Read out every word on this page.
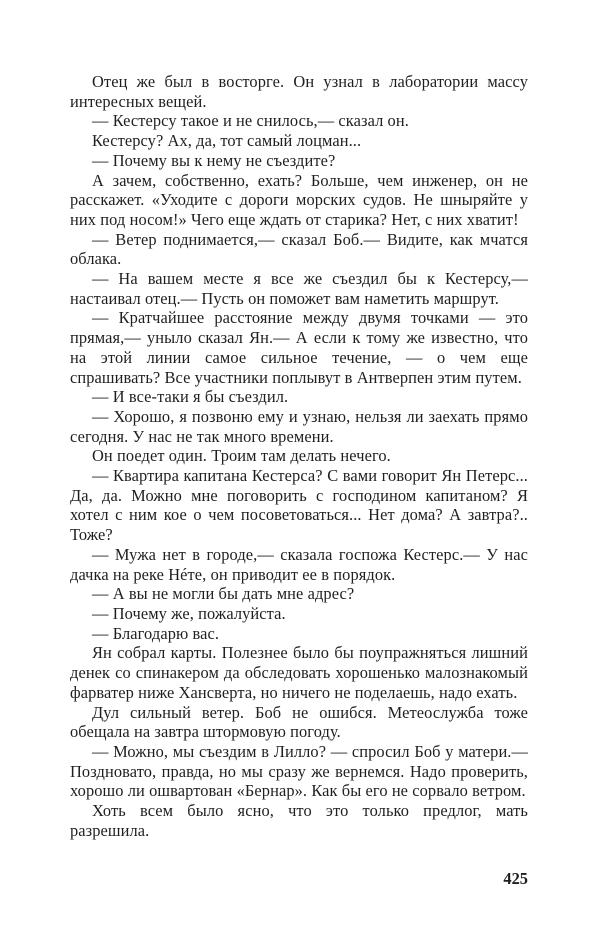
Отец же был в восторге. Он узнал в лаборатории массу интересных вещей.

— Кестерсу такое и не снилось,— сказал он.

Кестерсу? Ах, да, тот самый лоцман...

— Почему вы к нему не съездите?

А зачем, собственно, ехать? Больше, чем инженер, он не расскажет. «Уходите с дороги морских судов. Не шныряйте у них под носом!» Чего еще ждать от старика? Нет, с них хватит!

— Ветер поднимается,— сказал Боб.— Видите, как мчатся облака.

— На вашем месте я все же съездил бы к Кестерсу,— настаивал отец.— Пусть он поможет вам наметить маршрут.

— Кратчайшее расстояние между двумя точками — это прямая,— уныло сказал Ян.— А если к тому же известно, что на этой линии самое сильное течение, — о чем еще спрашивать? Все участники поплывут в Антверпен этим путем.

— И все-таки я бы съездил.

— Хорошо, я позвоню ему и узнаю, нельзя ли заехать прямо сегодня. У нас не так много времени.

Он поедет один. Троим там делать нечего.

— Квартира капитана Кестерса? С вами говорит Ян Петерс... Да, да. Можно мне поговорить с господином капитаном? Я хотел с ним кое о чем посоветоваться... Нет дома? А завтра?.. Тоже?

— Мужа нет в городе,— сказала госпожа Кестерс.— У нас дачка на реке Нéте, он приводит ее в порядок.

— А вы не могли бы дать мне адрес?

— Почему же, пожалуйста.

— Благодарю вас.

Ян собрал карты. Полезнее было бы поупражняться лишний денек со спинакером да обследовать хорошенько малознакомый фарватер ниже Хансверта, но ничего не поделаешь, надо ехать.

Дул сильный ветер. Боб не ошибся. Метеослужба тоже обещала на завтра штормовую погоду.

— Можно, мы съездим в Лилло? — спросил Боб у матери.— Поздновато, правда, но мы сразу же вернемся. Надо проверить, хорошо ли ошвартован «Бернар». Как бы его не сорвало ветром.

Хоть всем было ясно, что это только предлог, мать разрешила.

425
